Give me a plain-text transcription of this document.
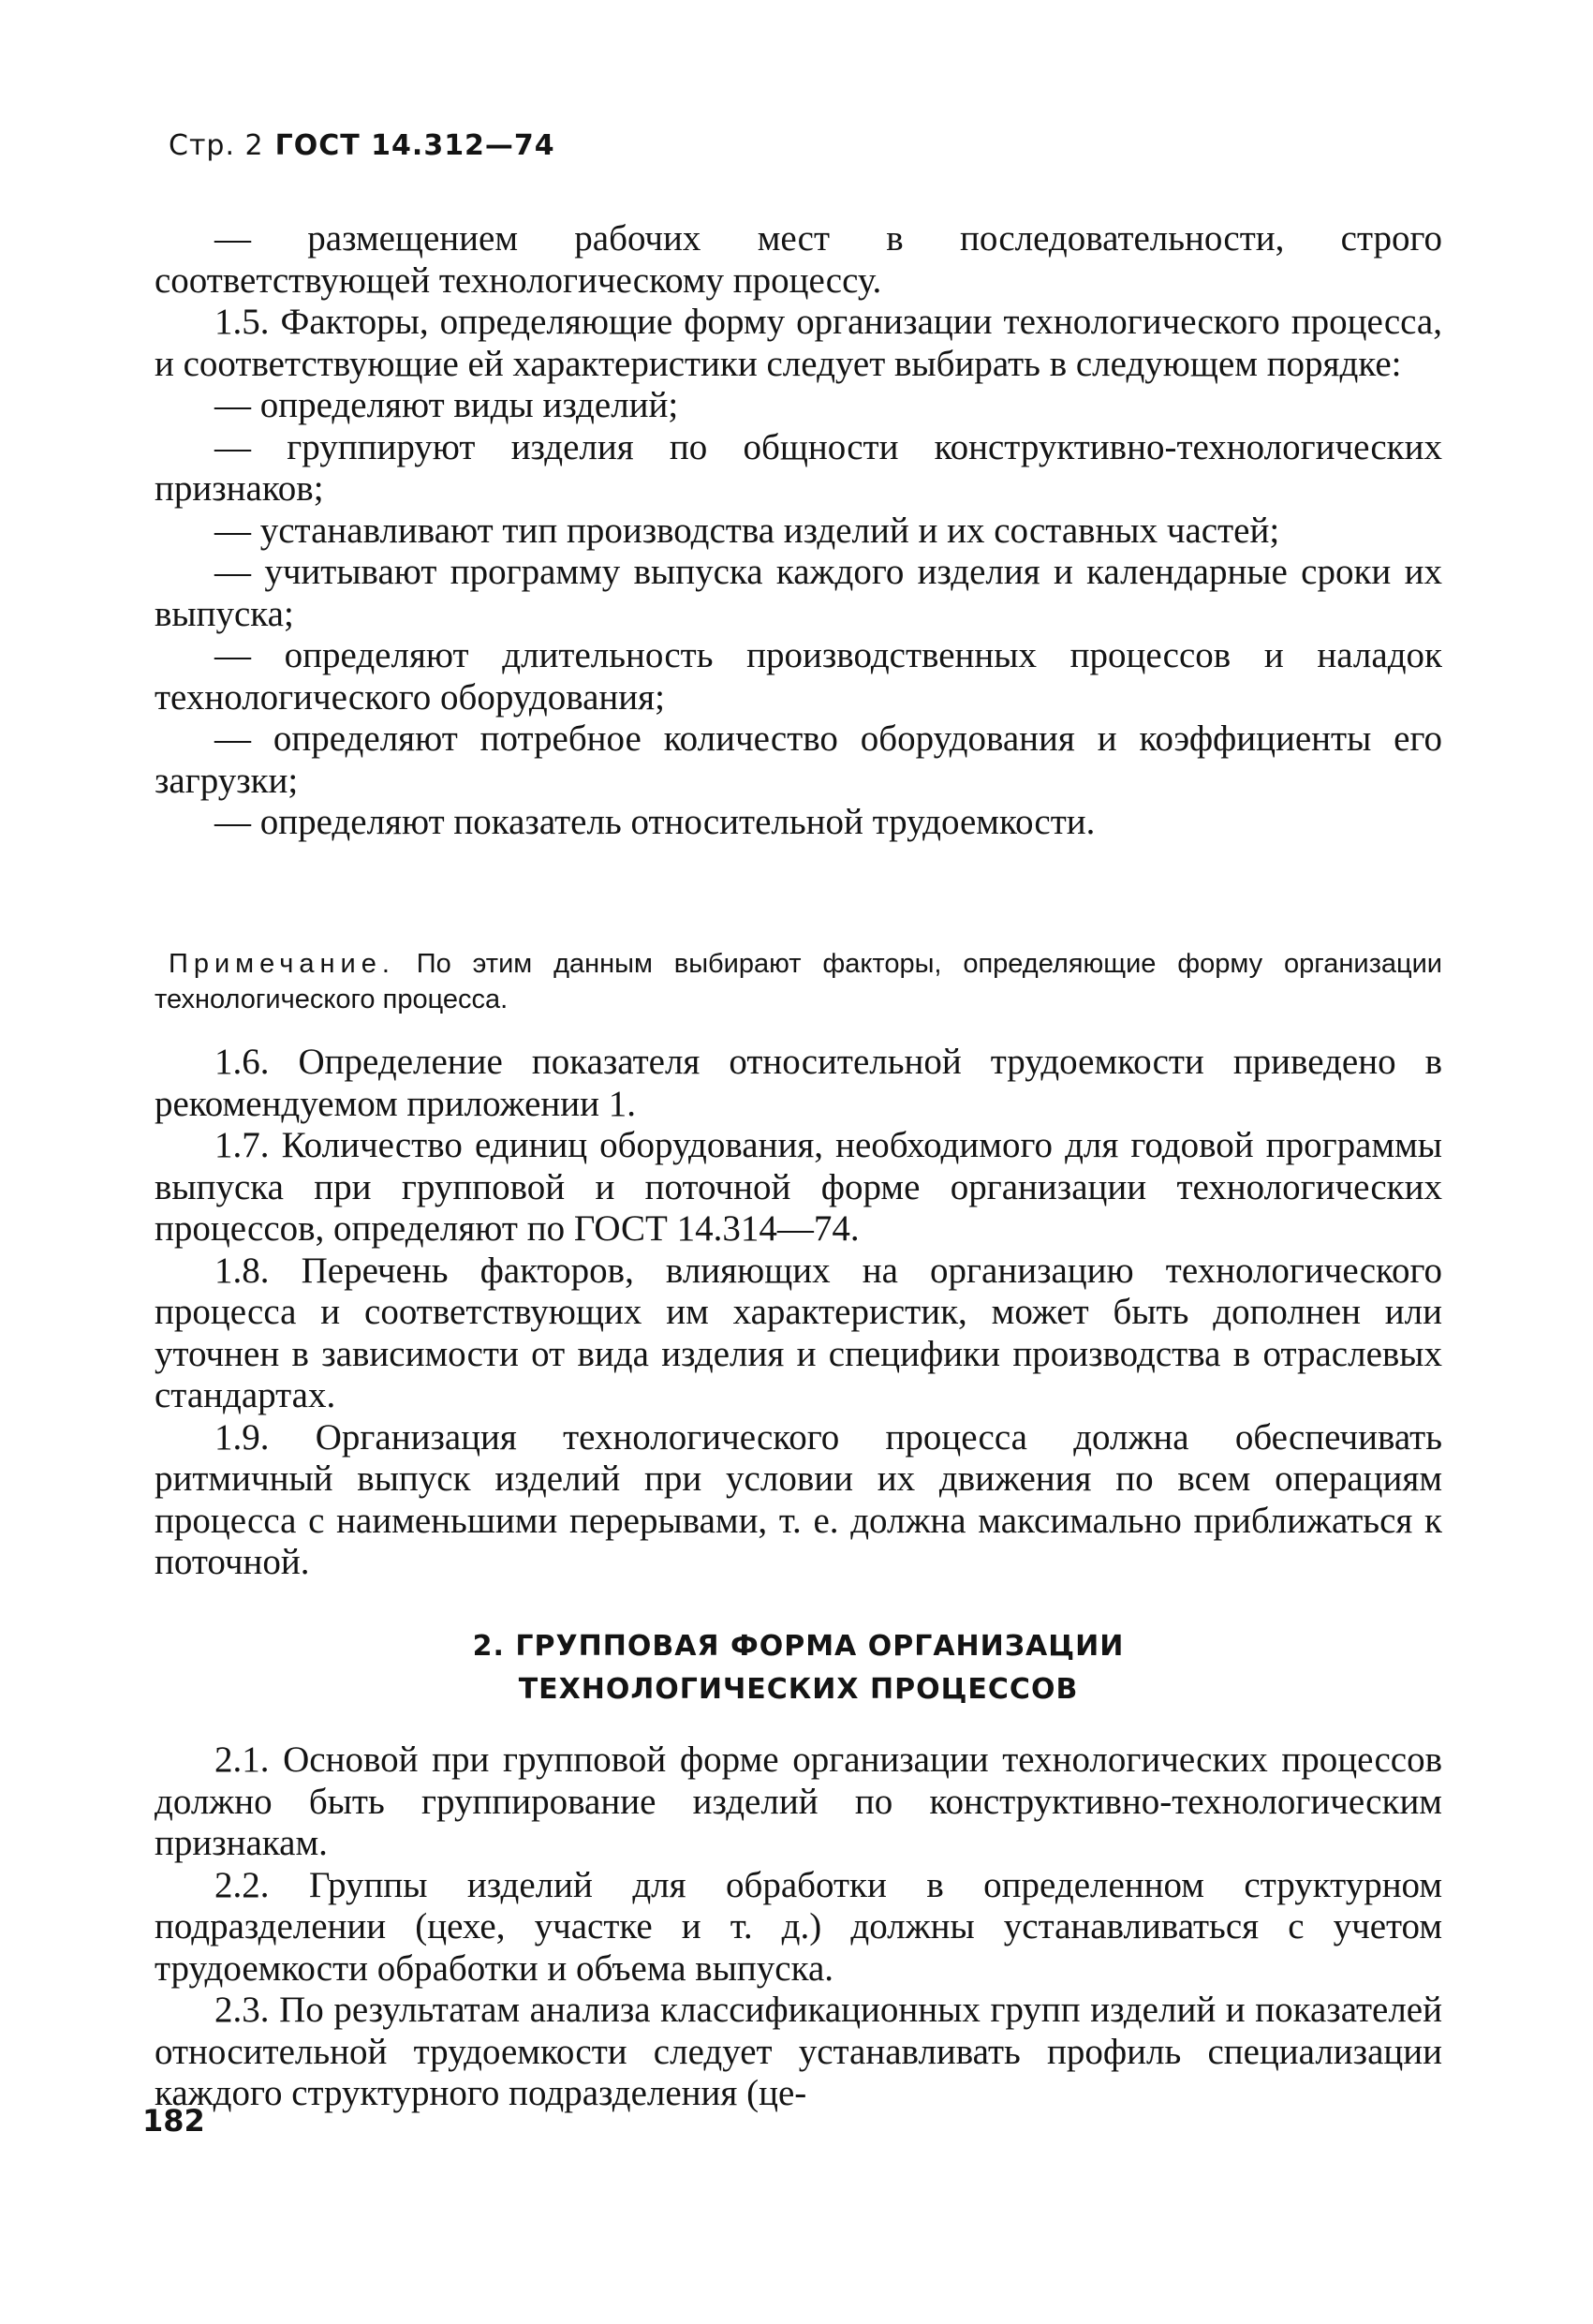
Стр. 2 ГОСТ 14.312—74

— размещением рабочих мест в последовательности, строго соответствующей технологическому процессу.

1.5. Факторы, определяющие форму организации технологического процесса, и соответствующие ей характеристики следует выбирать в следующем порядке:

— определяют виды изделий;

— группируют изделия по общности конструктивно-технологических признаков;

— устанавливают тип производства изделий и их составных частей;

— учитывают программу выпуска каждого изделия и календарные сроки их выпуска;

— определяют длительность производственных процессов и наладок технологического оборудования;

— определяют потребное количество оборудования и коэффициенты его загрузки;

— определяют показатель относительной трудоемкости.

Примечание. По этим данным выбирают факторы, определяющие форму организации технологического процесса.

1.6. Определение показателя относительной трудоемкости приведено в рекомендуемом приложении 1.

1.7. Количество единиц оборудования, необходимого для годовой программы выпуска при групповой и поточной форме организации технологических процессов, определяют по ГОСТ 14.314—74.

1.8. Перечень факторов, влияющих на организацию технологического процесса и соответствующих им характеристик, может быть дополнен или уточнен в зависимости от вида изделия и специфики производства в отраслевых стандартах.

1.9. Организация технологического процесса должна обеспечивать ритмичный выпуск изделий при условии их движения по всем операциям процесса с наименьшими перерывами, т. е. должна максимально приближаться к поточной.

2. ГРУППОВАЯ ФОРМА ОРГАНИЗАЦИИ
ТЕХНОЛОГИЧЕСКИХ ПРОЦЕССОВ

2.1. Основой при групповой форме организации технологических процессов должно быть группирование изделий по конструктивно-технологическим признакам.

2.2. Группы изделий для обработки в определенном структурном подразделении (цехе, участке и т. д.) должны устанавливаться с учетом трудоемкости обработки и объема выпуска.

2.3. По результатам анализа классификационных групп изделий и показателей относительной трудоемкости следует устанавливать профиль специализации каждого структурного подразделения (це-

182
